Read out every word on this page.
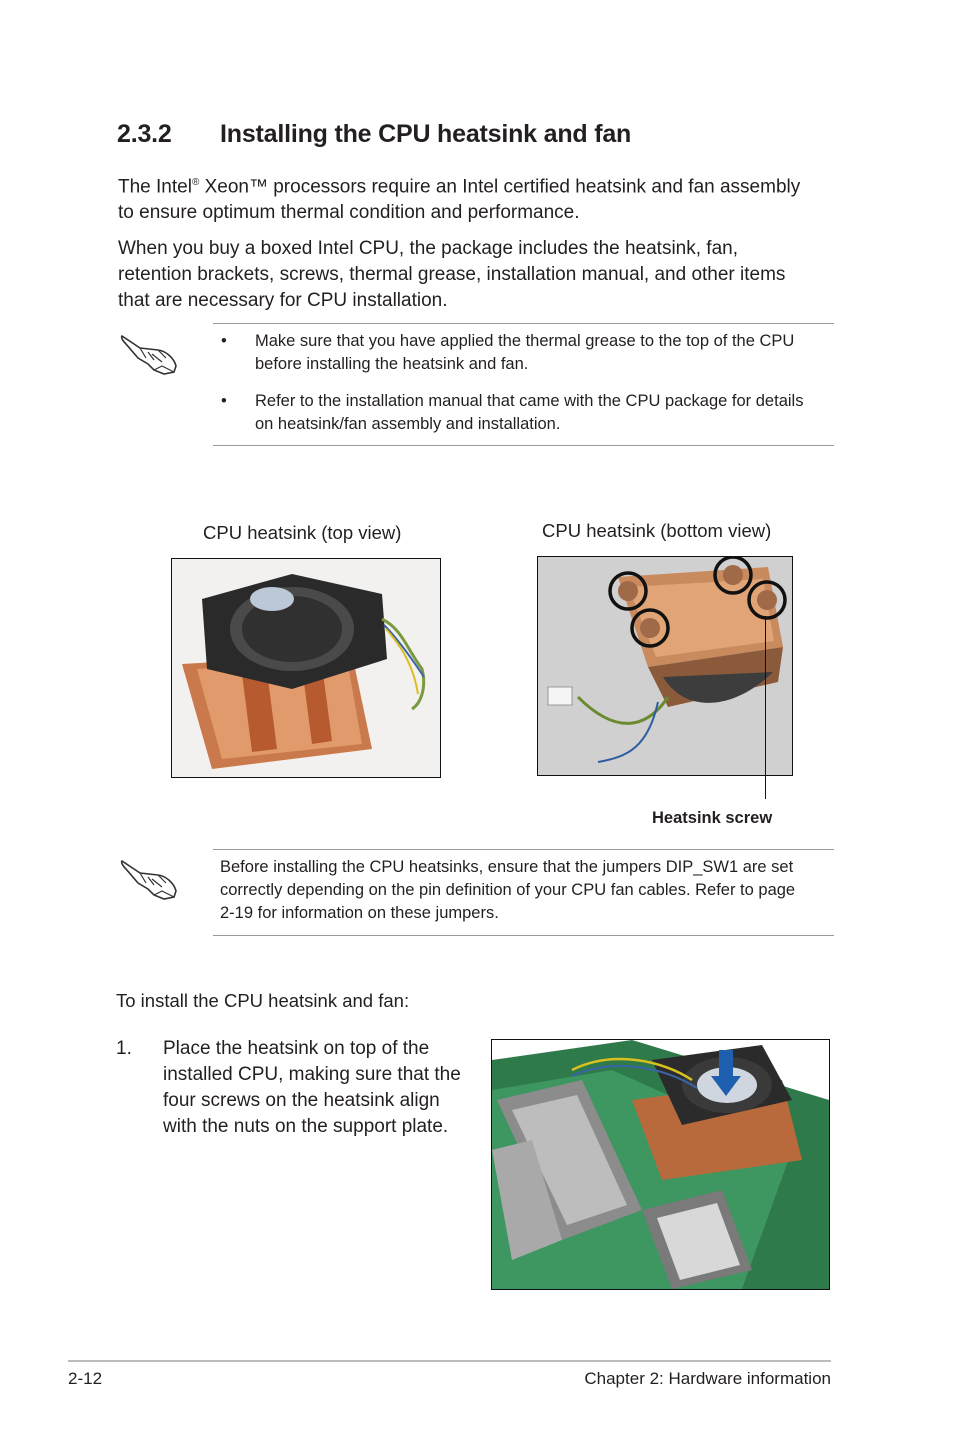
2.3.2 Installing the CPU heatsink and fan
The Intel® Xeon™ processors require an Intel certified heatsink and fan assembly
to ensure optimum thermal condition and performance.
When you buy a boxed Intel CPU, the package includes the heatsink, fan,
retention brackets, screws, thermal grease, installation manual, and other items
that are necessary for CPU installation.
• Make sure that you have applied the thermal grease to the top of the CPU
before installing the heatsink and fan.
• Refer to the installation manual that came with the CPU package for details
on heatsink/fan assembly and installation.
CPU heatsink (top view)	CPU heatsink (bottom view)
Heatsink screw
Before installing the CPU heatsinks, ensure that the jumpers DIP_SW1 are set
correctly depending on the pin definition of your CPU fan cables. Refer to page
2-19 for information on these jumpers.
To install the CPU heatsink and fan:
1. Place the heatsink on top of the
installed CPU, making sure that the
four screws on the heatsink align
with the nuts on the support plate.
2-12	Chapter 2: Hardware information
